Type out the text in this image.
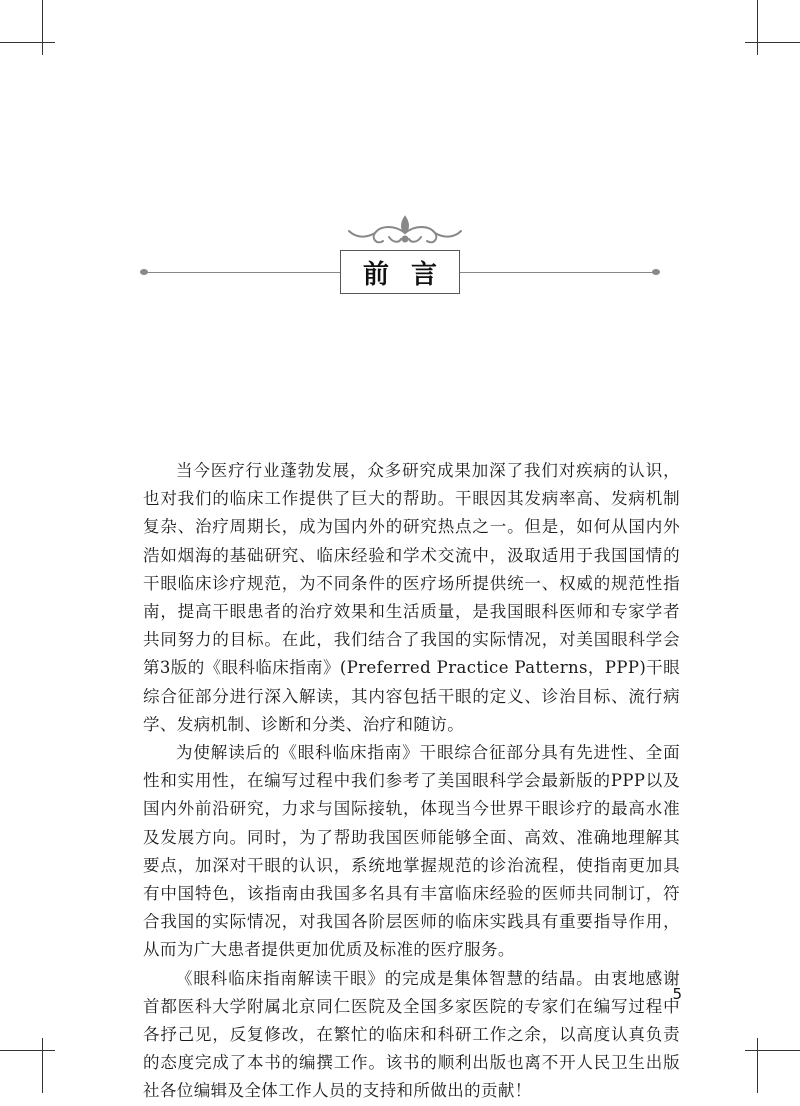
前言

当今医疗行业蓬勃发展，众多研究成果加深了我们对疾病的认识，也对我们的临床工作提供了巨大的帮助。干眼因其发病率高、发病机制复杂、治疗周期长，成为国内外的研究热点之一。但是，如何从国内外浩如烟海的基础研究、临床经验和学术交流中，汲取适用于我国国情的干眼临床诊疗规范，为不同条件的医疗场所提供统一、权威的规范性指南，提高干眼患者的治疗效果和生活质量，是我国眼科医师和专家学者共同努力的目标。在此，我们结合了我国的实际情况，对美国眼科学会第3版的《眼科临床指南》(Preferred Practice Patterns，PPP)干眼综合征部分进行深入解读，其内容包括干眼的定义、诊治目标、流行病学、发病机制、诊断和分类、治疗和随访。

为使解读后的《眼科临床指南》干眼综合征部分具有先进性、全面性和实用性，在编写过程中我们参考了美国眼科学会最新版的PPP以及国内外前沿研究，力求与国际接轨，体现当今世界干眼诊疗的最高水准及发展方向。同时，为了帮助我国医师能够全面、高效、准确地理解其要点，加深对干眼的认识，系统地掌握规范的诊治流程，使指南更加具有中国特色，该指南由我国多名具有丰富临床经验的医师共同制订，符合我国的实际情况，对我国各阶层医师的临床实践具有重要指导作用，从而为广大患者提供更加优质及标准的医疗服务。

《眼科临床指南解读干眼》的完成是集体智慧的结晶。由衷地感谢首都医科大学附属北京同仁医院及全国多家医院的专家们在编写过程中各抒己见，反复修改，在繁忙的临床和科研工作之余，以高度认真负责的态度完成了本书的编撰工作。该书的顺利出版也离不开人民卫生出版社各位编辑及全体工作人员的支持和所做出的贡献！

5
